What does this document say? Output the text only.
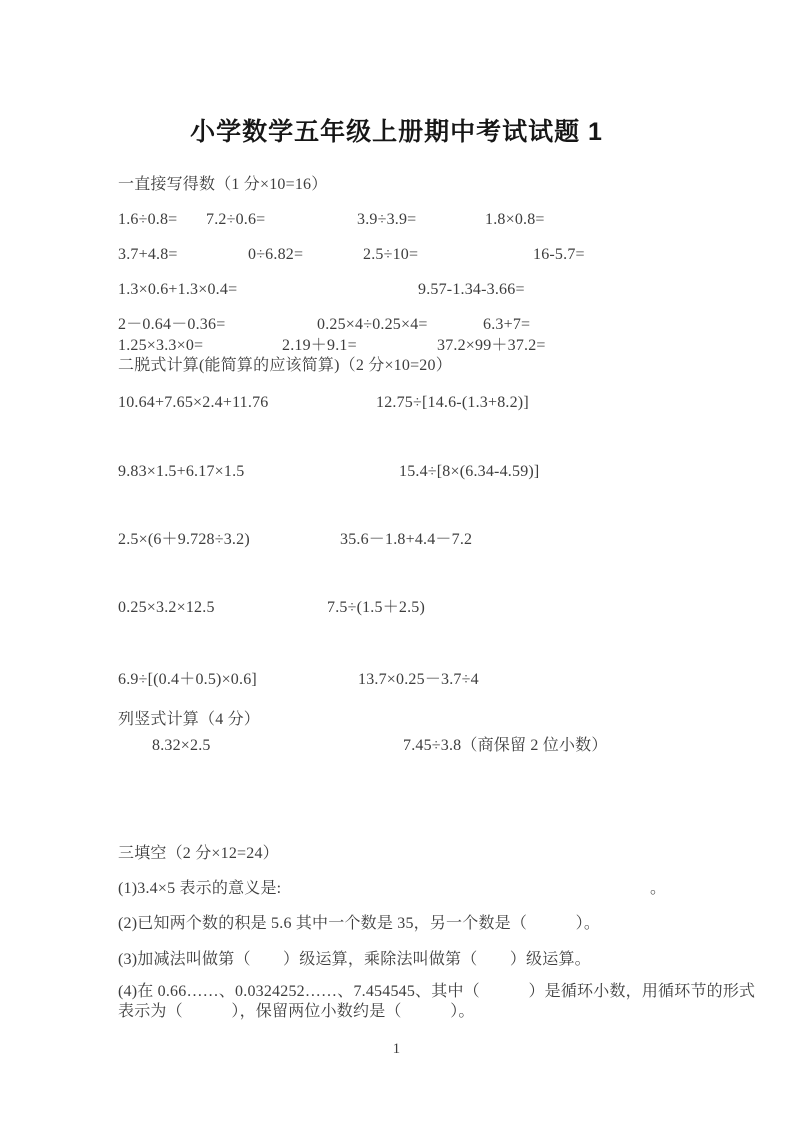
小学数学五年级上册期中考试试题 1
一直接写得数（1 分×10=16）
1.6÷0.8= 7.2÷0.6=	3.9÷3.9=	1.8×0.8=
3.7+4.8=	0÷6.82=	2.5÷10=	16-5.7=
1.3×0.6+1.3×0.4=	9.57-1.34-3.66=
2－0.64－0.36=	0.25×4÷0.25×4=	6.3+7=
1.25×3.3×0=	2.19＋9.1=	37.2×99＋37.2=
二脱式计算(能简算的应该简算)（2 分×10=20）
10.64+7.65×2.4+11.76	12.75÷[14.6-(1.3+8.2)]
9.83×1.5+6.17×1.5	15.4÷[8×(6.34-4.59)]
2.5×(6＋9.728÷3.2)	35.6－1.8+4.4－7.2
0.25×3.2×12.5	7.5÷(1.5＋2.5)
6.9÷[(0.4＋0.5)×0.6]	13.7×0.25－3.7÷4
列竖式计算（4 分）
8.32×2.5	7.45÷3.8（商保留 2 位小数）
三填空（2 分×12=24）
(1)3.4×5 表示的意义是:	。
(2)已知两个数的积是 5.6 其中一个数是 35，另一个数是（　　　）。
(3)加减法叫做第（　　）级运算，乘除法叫做第（　　）级运算。
(4)在 0.66……、0.0324252……、7.454545、其中（　　　）是循环小数，用循环节的形式
表示为（　　　），保留两位小数约是（　　　）。
1
